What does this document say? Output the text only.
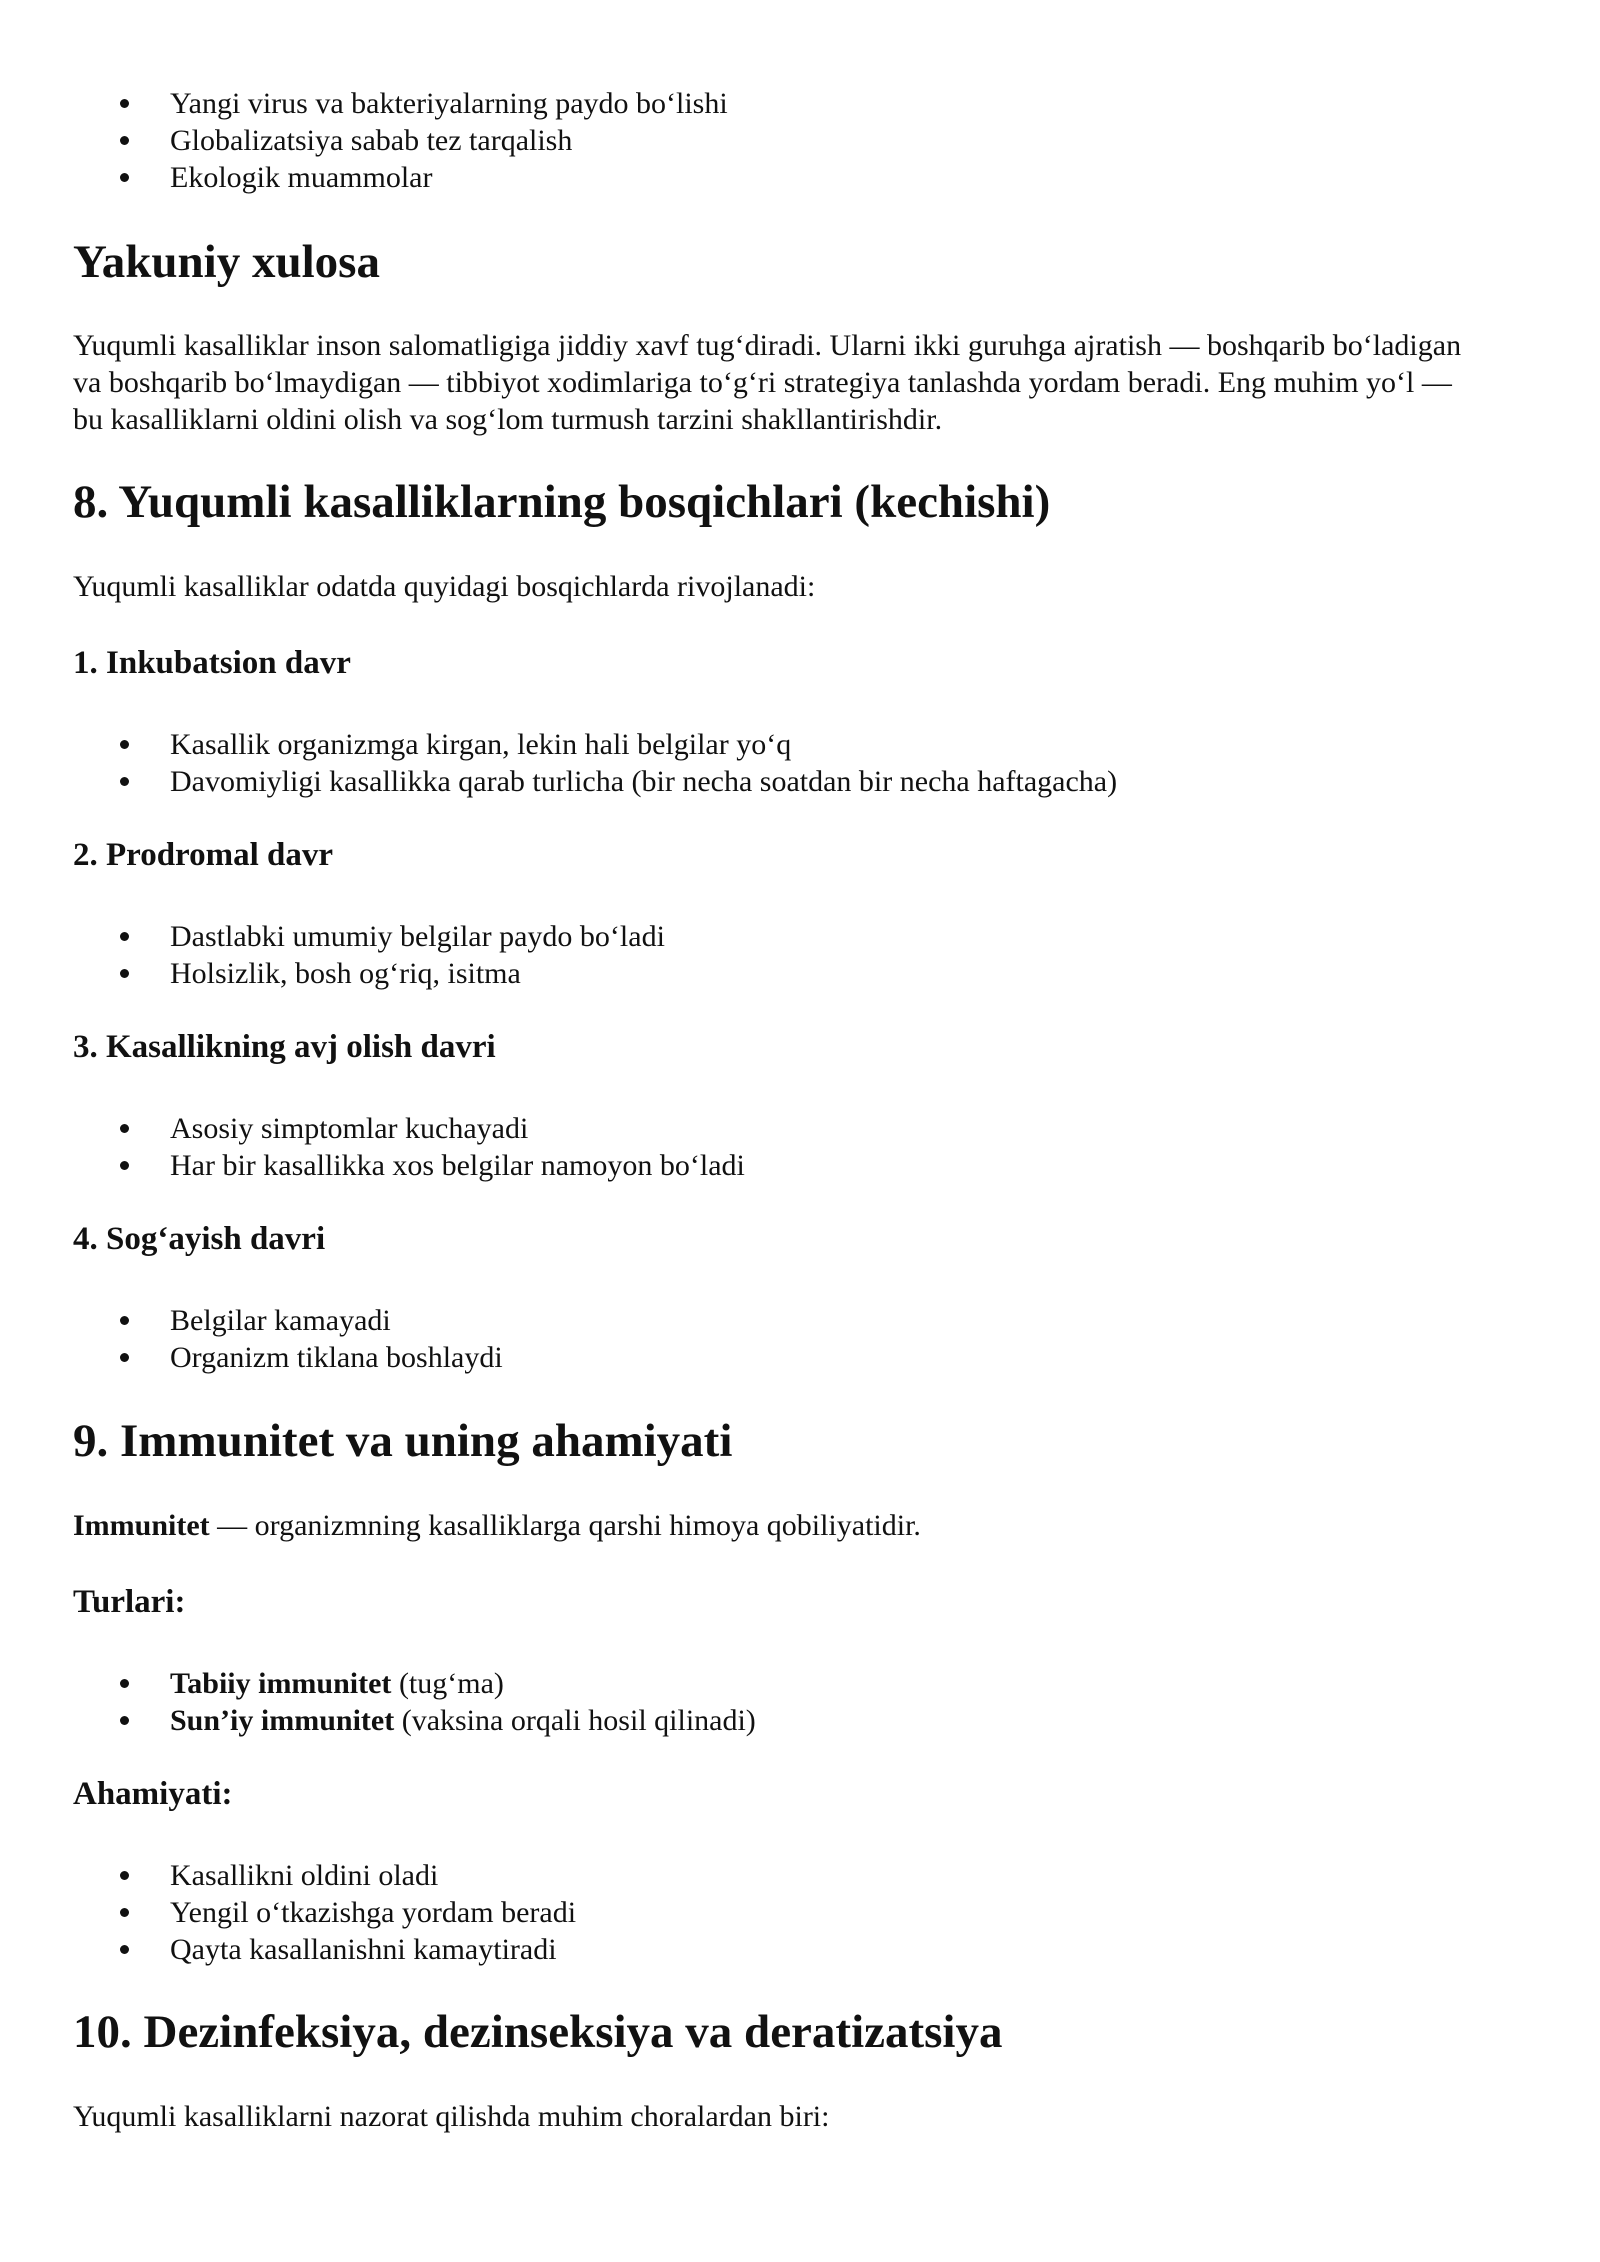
Yangi virus va bakteriyalarning paydo bo‘lishi
Globalizatsiya sabab tez tarqalish
Ekologik muammolar
Yakuniy xulosa
Yuqumli kasalliklar inson salomatligiga jiddiy xavf tug‘diradi. Ularni ikki guruhga ajratish — boshqarib bo‘ladigan
va boshqarib bo‘lmaydigan — tibbiyot xodimlariga to‘g‘ri strategiya tanlashda yordam beradi. Eng muhim yo‘l —
bu kasalliklarni oldini olish va sog‘lom turmush tarzini shakllantirishdir.
8. Yuqumli kasalliklarning bosqichlari (kechishi)
Yuqumli kasalliklar odatda quyidagi bosqichlarda rivojlanadi:
1. Inkubatsion davr
Kasallik organizmga kirgan, lekin hali belgilar yo‘q
Davomiyligi kasallikka qarab turlicha (bir necha soatdan bir necha haftagacha)
2. Prodromal davr
Dastlabki umumiy belgilar paydo bo‘ladi
Holsizlik, bosh og‘riq, isitma
3. Kasallikning avj olish davri
Asosiy simptomlar kuchayadi
Har bir kasallikka xos belgilar namoyon bo‘ladi
4. Sog‘ayish davri
Belgilar kamayadi
Organizm tiklana boshlaydi
9. Immunitet va uning ahamiyati
Immunitet — organizmning kasalliklarga qarshi himoya qobiliyatidir.
Turlari:
Tabiiy immunitet (tug‘ma)
Sun’iy immunitet (vaksina orqali hosil qilinadi)
Ahamiyati:
Kasallikni oldini oladi
Yengil o‘tkazishga yordam beradi
Qayta kasallanishni kamaytiradi
10. Dezinfeksiya, dezinseksiya va deratizatsiya
Yuqumli kasalliklarni nazorat qilishda muhim choralardan biri:
